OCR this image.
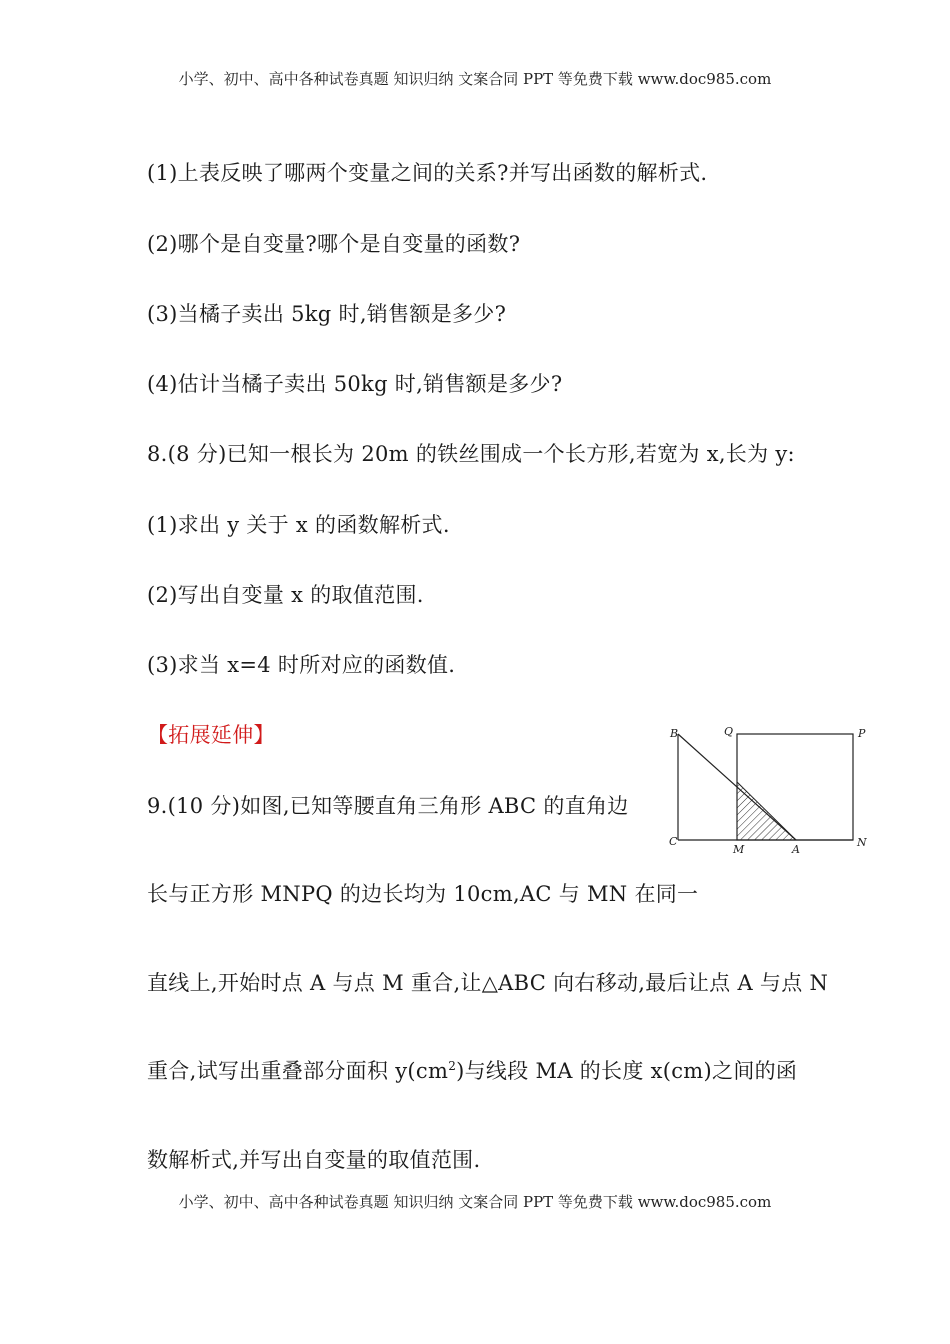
小学、初中、高中各种试卷真题 知识归纳 文案合同 PPT 等免费下载 www.doc985.com
(1)上表反映了哪两个变量之间的关系?并写出函数的解析式.
(2)哪个是自变量?哪个是自变量的函数?
(3)当橘子卖出 5kg 时,销售额是多少?
(4)估计当橘子卖出 50kg 时,销售额是多少?
8.(8 分)已知一根长为 20m 的铁丝围成一个长方形,若宽为 x,长为 y:
(1)求出 y 关于 x 的函数解析式.
(2)写出自变量 x 的取值范围.
(3)求当 x=4 时所对应的函数值.
【拓展延伸】
9.(10 分)如图,已知等腰直角三角形 ABC 的直角边
长与正方形 MNPQ 的边长均为 10cm,AC 与 MN 在同一
直线上,开始时点 A 与点 M 重合,让△ABC 向右移动,最后让点 A 与点 N
重合,试写出重叠部分面积 $y(cm^2)$与线段 MA 的长度 x(cm)之间的函
数解析式,并写出自变量的取值范围.
B	Q	P
C
M	A
N
小学、初中、高中各种试卷真题 知识归纳 文案合同 PPT 等免费下载 www.doc985.com
